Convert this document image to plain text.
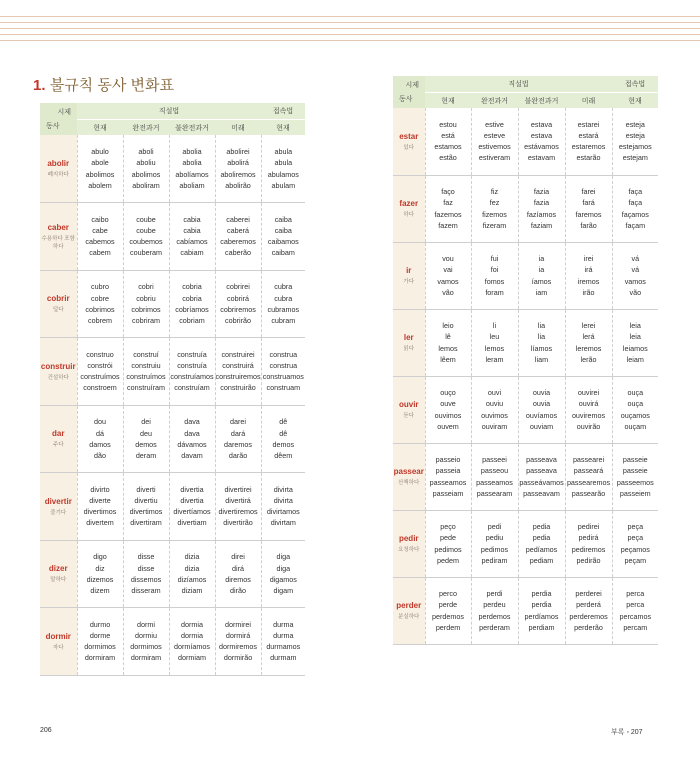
1. 불규칙 동사 변화표
시제
동사	직설법				접속법
	현재	완전과거	불완전과거	미래	현재

abolir
폐지하다	abulo
abole
abolimos
abolem	aboli
aboliu
abolimos
aboliram	abolia
abolia
abolíamos
aboliam	abolirei
abolirá
aboliremos
abolirão	abula
abula
abulamos
abulam

caber
수용하다 포함하다	caibo
cabe
cabemos
cabem	coube
coube
coubemos
couberam	cabia
cabia
cabíamos
cabiam	caberei
caberá
caberemos
caberão	caiba
caiba
caibamos
caibam

cobrir
덮다	cubro
cobre
cobrimos
cobrem	cobri
cobriu
cobrimos
cobriram	cobria
cobria
cobríamos
cobriam	cobrirei
cobrirá
cobriremos
cobrirão	cubra
cubra
cubramos
cubram

construir
건설하다	construo
constrói
construímos
constroem	construí
construiu
construímos
construíram	construía
construía
construíamos
construíam	construirei
construirá
construiremos
construirão	construa
construa
construamos
construam

dar
주다	dou
dá
damos
dão	dei
deu
demos
deram	dava
dava
dávamos
davam	darei
dará
daremos
darão	dê
dê
demos
dêem

divertir
즐기다	divirto
diverte
divertimos
divertem	diverti
divertiu
divertimos
divertiram	divertia
divertia
divertíamos
divertiam	divertirei
divertirá
divertiremos
divertirão	divirta
divirta
divirtamos
divirtam

dizer
말하다	digo
diz
dizemos
dizem	disse
disse
dissemos
disseram	dizia
dizia
dizíamos
diziam	direi
dirá
diremos
dirão	diga
diga
digamos
digam

dormir
자다	durmo
dorme
dormimos
dormiram	dormi
dormiu
dormimos
dormiram	dormia
dormia
dormíamos
dormiam	dormirei
dormirá
dormiremos
dormirão	durma
durma
durmamos
durmam
시제
동사	직설법				접속법
	현재	완전과거	불완전과거	미래	현재

estar
있다	estou
está
estamos
estão	estive
esteve
estivemos
estiveram	estava
estava
estávamos
estavam	estarei
estará
estaremos
estarão	esteja
esteja
estejamos
estejam

fazer
하다	faço
faz
fazemos
fazem	fiz
fez
fizemos
fizeram	fazia
fazia
fazíamos
faziam	farei
fará
faremos
farão	faça
faça
façamos
façam

ir
가다	vou
vai
vamos
vão	fui
foi
fomos
foram	ia
ia
íamos
iam	irei
irá
iremos
irão	vá
vá
vamos
vão

ler
읽다	leio
lê
lemos
lêem	li
leu
lemos
leram	lia
lia
líamos
liam	lerei
lerá
leremos
lerão	leia
leia
leiamos
leiam

ouvir
듣다	ouço
ouve
ouvimos
ouvem	ouvi
ouviu
ouvimos
ouviram	ouvia
ouvia
ouvíamos
ouviam	ouvirei
ouvirá
ouviremos
ouvirão	ouça
ouça
ouçamos
ouçam

passear
산책하다	passeio
passeia
passeamos
passeiam	passeei
passeou
passeamos
passearam	passeava
passeava
passeávamos
passeavam	passearei
passeará
passearemos
passearão	passeie
passeie
passeemos
passeiem

pedir
요청하다	peço
pede
pedimos
pedem	pedi
pediu
pedimos
pediram	pedia
pedia
pedíamos
pediam	pedirei
pedirá
pediremos
pedirão	peça
peça
peçamos
peçam

perder
분실하다	perco
perde
perdemos
perdem	perdi
perdeu
perdemos
perderam	perdia
perdia
perdíamos
perdiam	perderei
perderá
perderemos
perderão	perca
perca
percamos
percam
206	부록 ◦ 207
